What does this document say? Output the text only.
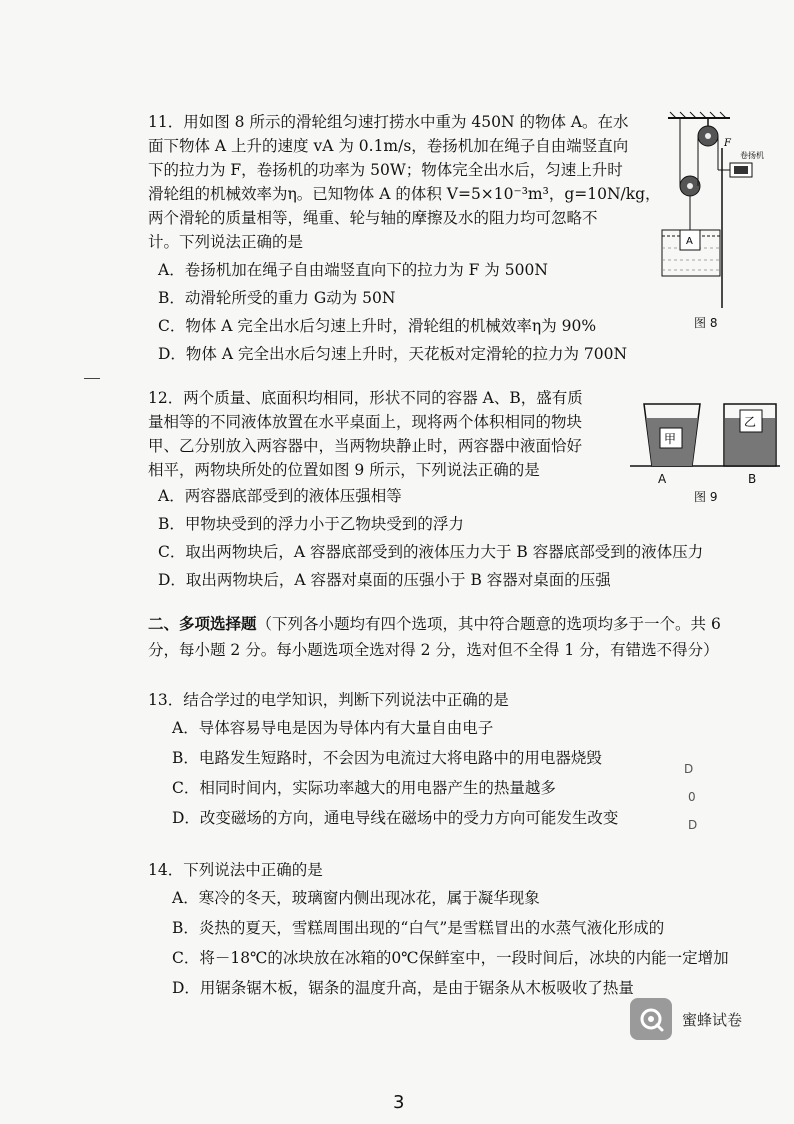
11．用如图 8 所示的滑轮组匀速打捞水中重为 450N 的物体 A。在水

面下物体 A 上升的速度 vA 为 0.1m/s，卷扬机加在绳子自由端竖直向

下的拉力为 F，卷扬机的功率为 50W；物体完全出水后，匀速上升时

滑轮组的机械效率为η。已知物体 A 的体积 V=5×10⁻³m³，g=10N/kg，

两个滑轮的质量相等，绳重、轮与轴的摩擦及水的阻力均可忽略不

计。下列说法正确的是

A．卷扬机加在绳子自由端竖直向下的拉力为 F 为 500N

B．动滑轮所受的重力 G动为 50N

C．物体 A 完全出水后匀速上升时，滑轮组的机械效率η为 90%

D．物体 A 完全出水后匀速上升时，天花板对定滑轮的拉力为 700N

F
卷扬机
A
图 8

12．两个质量、底面积均相同，形状不同的容器 A、B，盛有质

量相等的不同液体放置在水平桌面上，现将两个体积相同的物块

甲、乙分别放入两容器中，当两物块静止时，两容器中液面恰好

相平，两物块所处的位置如图 9 所示，下列说法正确的是

A．两容器底部受到的液体压强相等

B．甲物块受到的浮力小于乙物块受到的浮力

C．取出两物块后，A 容器底部受到的液体压力大于 B 容器底部受到的液体压力

D．取出两物块后，A 容器对桌面的压强小于 B 容器对桌面的压强

甲
乙
A	B
图 9

二、多项选择题（下列各小题均有四个选项，其中符合题意的选项均多于一个。共 6

分，每小题 2 分。每小题选项全选对得 2 分，选对但不全得 1 分，有错选不得分）

13．结合学过的电学知识，判断下列说法中正确的是

A．导体容易导电是因为导体内有大量自由电子

B．电路发生短路时，不会因为电流过大将电路中的用电器烧毁

C．相同时间内，实际功率越大的用电器产生的热量越多

D．改变磁场的方向，通电导线在磁场中的受力方向可能发生改变

D
0
D

14．下列说法中正确的是

A．寒冷的冬天，玻璃窗内侧出现冰花，属于凝华现象

B．炎热的夏天，雪糕周围出现的“白气”是雪糕冒出的水蒸气液化形成的

C．将－18℃的冰块放在冰箱的0℃保鲜室中，一段时间后，冰块的内能一定增加

D．用锯条锯木板，锯条的温度升高，是由于锯条从木板吸收了热量

蜜蜂试卷
3
